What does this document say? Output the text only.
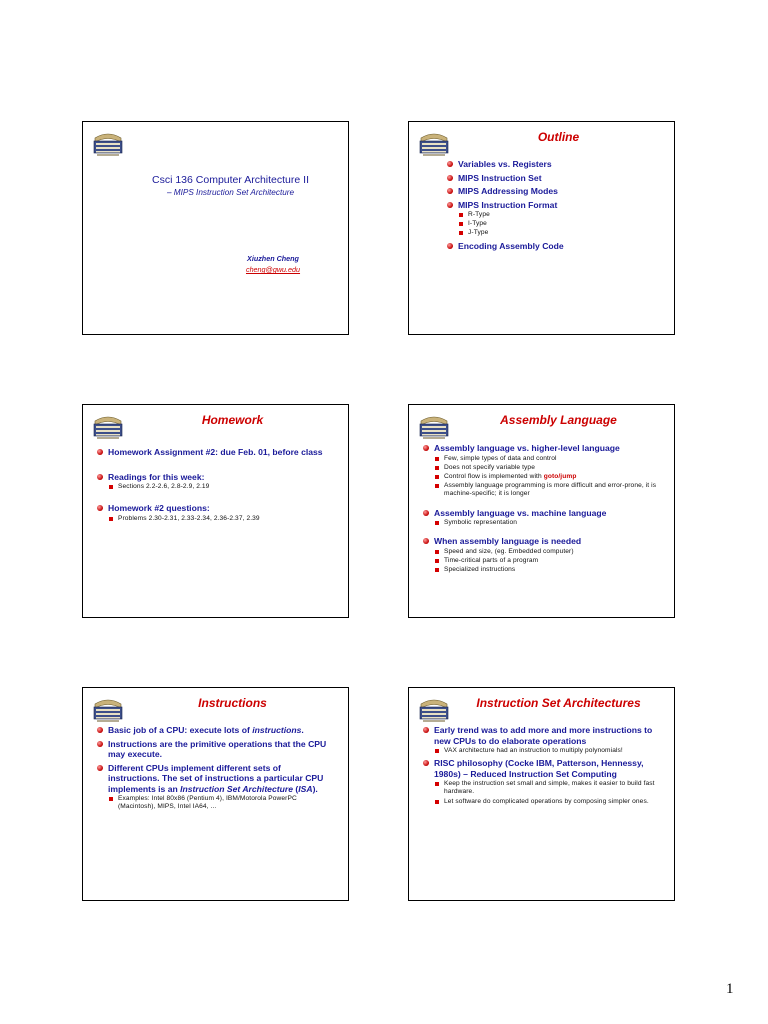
Csci 136 Computer Architecture II
– MIPS Instruction Set Architecture
Xiuzhen Cheng
cheng@gwu.edu
Outline
Variables vs. Registers
MIPS Instruction Set
MIPS Addressing Modes
MIPS Instruction Format
R-Type
I-Type
J-Type
Encoding Assembly Code
Homework
Homework Assignment #2: due Feb. 01, before class
Readings for this week:
Sections 2.2-2.6, 2.8-2.9, 2.19
Homework #2 questions:
Problems 2.30-2.31, 2.33-2.34, 2.36-2.37, 2.39
Assembly Language
Assembly language vs. higher-level language
Few, simple types of data and control
Does not specify variable type
Control flow is implemented with goto/jump
Assembly language programming is more difficult and error-prone, it is machine-specific; it is longer
Assembly language vs. machine language
Symbolic representation
When assembly language is needed
Speed and size, (eg. Embedded computer)
Time-critical parts of a program
Specialized instructions
Instructions
Basic job of a CPU: execute lots of instructions.
Instructions are the primitive operations that the CPU may execute.
Different CPUs implement different sets of instructions. The set of instructions a particular CPU implements is an Instruction Set Architecture (ISA).
Examples: Intel 80x86 (Pentium 4), IBM/Motorola PowerPC (Macintosh), MIPS, Intel IA64, ...
Instruction Set Architectures
Early trend was to add more and more instructions to new CPUs to do elaborate operations
VAX architecture had an instruction to multiply polynomials!
RISC philosophy (Cocke IBM, Patterson, Hennessy, 1980s) – Reduced Instruction Set Computing
Keep the instruction set small and simple, makes it easier to build fast hardware.
Let software do complicated operations by composing simpler ones.
1
